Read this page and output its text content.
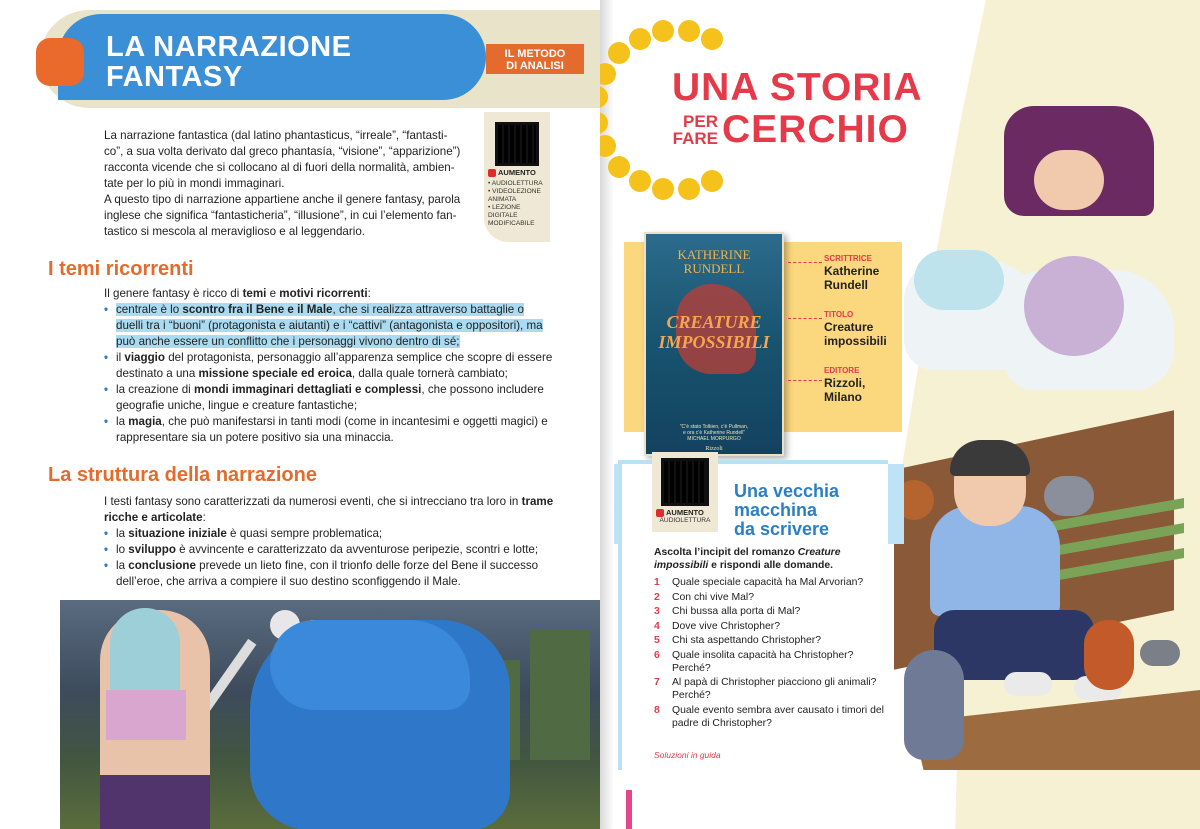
LA NARRAZIONE
FANTASY
IL METODO
DI ANALISI
AUMENTO
• AUDIOLETTURA
• VIDEOLEZIONE ANIMATA
• LEZIONE DIGITALE MODIFICABILE
La narrazione fantastica (dal latino phantasticus, “irreale”, “fantasti-
co”, a sua volta derivato dal greco phantasía, “visione”, “apparizione”)
racconta vicende che si collocano al di fuori della normalità, ambien-
tate per lo più in mondi immaginari.
A questo tipo di narrazione appartiene anche il genere fantasy, parola
inglese che significa “fantasticheria”, “illusione”, in cui l’elemento fan-
tastico si mescola al meraviglioso e al leggendario.
I temi ricorrenti
Il genere fantasy è ricco di temi e motivi ricorrenti:
• centrale è lo scontro fra il Bene e il Male, che si realizza attraverso battaglie o duelli tra i “buoni” (protagonista e aiutanti) e i “cattivi” (antagonista e oppositori), ma può anche essere un conflitto che i personaggi vivono dentro di sé;
• il viaggio del protagonista, personaggio all’apparenza semplice che scopre di essere destinato a una missione speciale ed eroica, dalla quale tornerà cambiato;
• la creazione di mondi immaginari dettagliati e complessi, che possono includere geografie uniche, lingue e creature fantastiche;
• la magia, che può manifestarsi in tanti modi (come in incantesimi e oggetti magici) e rappresentare sia un potere positivo sia una minaccia.
La struttura della narrazione
I testi fantasy sono caratterizzati da numerosi eventi, che si intrecciano tra loro in trame ricche e articolate:
• la situazione iniziale è quasi sempre problematica;
• lo sviluppo è avvincente e caratterizzato da avventurose peripezie, scontri e lotte;
• la conclusione prevede un lieto fine, con il trionfo delle forze del Bene il successo dell’eroe, che arriva a compiere il suo destino sconfiggendo il Male.
UNA STORIA
PER
FARE CERCHIO
KATHERINE
RUNDELL
CREATURE
IMPOSSIBILI
“C’è stato Tolkien, c’è Pullman,
e ora c’è Katherine Rundell”
MICHAEL MORPURGO
Rizzoli
SCRITTRICE
Katherine
Rundell
TITOLO
Creature
impossibili
EDITORE
Rizzoli,
Milano
AUMENTO
AUDIOLETTURA
Una vecchia
macchina
da scrivere
Ascolta l’incipit del romanzo Creature impossibili e rispondi alle domande.
1 Quale speciale capacità ha Mal Arvorian?
2 Con chi vive Mal?
3 Chi bussa alla porta di Mal?
4 Dove vive Christopher?
5 Chi sta aspettando Christopher?
6 Quale insolita capacità ha Christopher? Perché?
7 Al papà di Christopher piacciono gli animali? Perché?
8 Quale evento sembra aver causato i timori del padre di Christopher?
Soluzioni in guida
